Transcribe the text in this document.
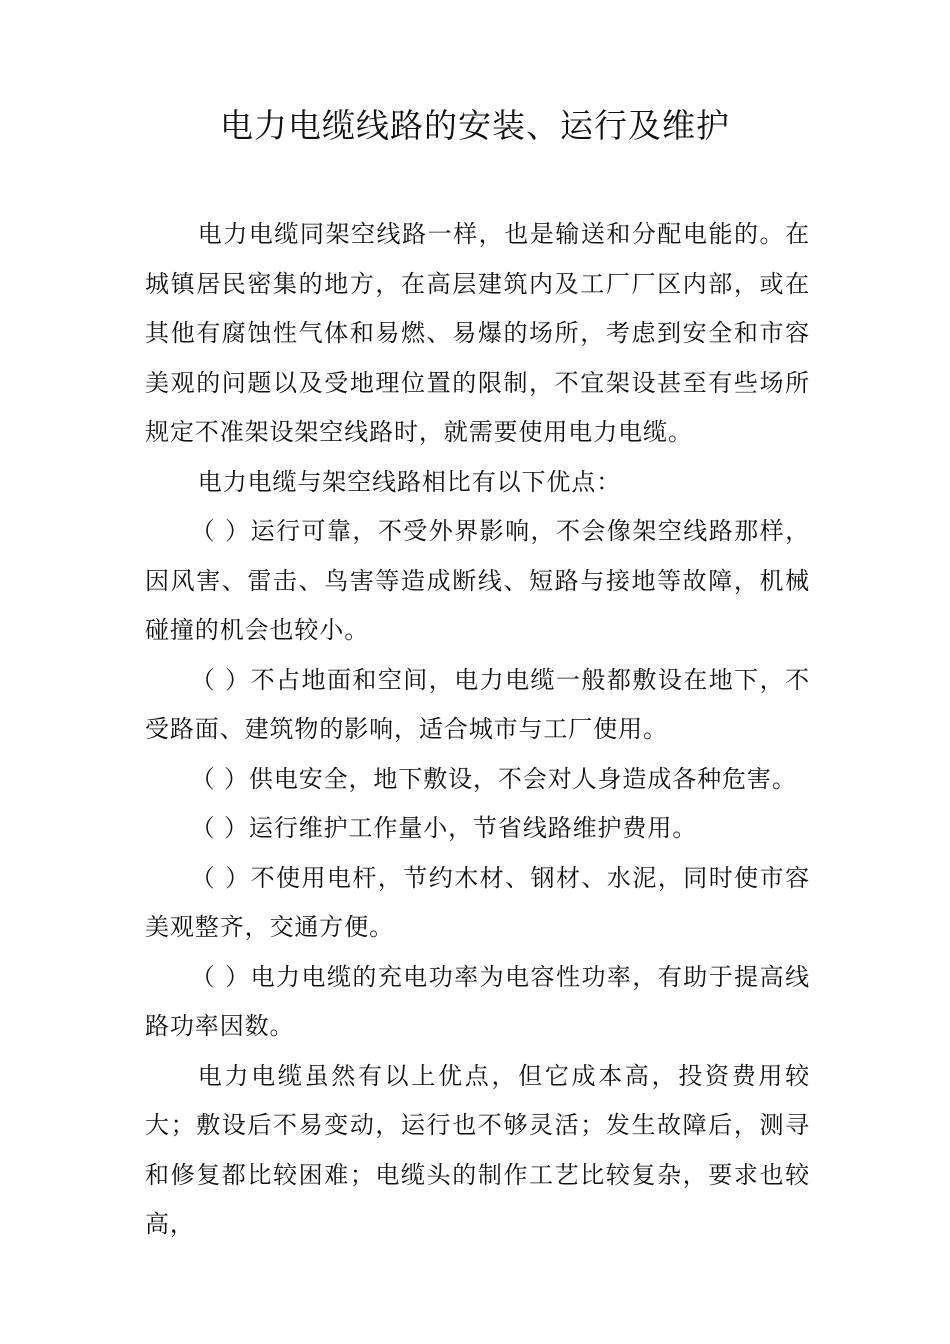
电力电缆线路的安装、运行及维护

电力电缆同架空线路一样，也是输送和分配电能的。在城镇居民密集的地方，在高层建筑内及工厂厂区内部，或在其他有腐蚀性气体和易燃、易爆的场所，考虑到安全和市容美观的问题以及受地理位置的限制，不宜架设甚至有些场所规定不准架设架空线路时，就需要使用电力电缆。

电力电缆与架空线路相比有以下优点：

（ ）运行可靠，不受外界影响，不会像架空线路那样，因风害、雷击、鸟害等造成断线、短路与接地等故障，机械碰撞的机会也较小。

（ ）不占地面和空间，电力电缆一般都敷设在地下，不受路面、建筑物的影响，适合城市与工厂使用。

（ ）供电安全，地下敷设，不会对人身造成各种危害。

（ ）运行维护工作量小，节省线路维护费用。

（ ）不使用电杆，节约木材、钢材、水泥，同时使市容美观整齐，交通方便。

（ ）电力电缆的充电功率为电容性功率，有助于提高线路功率因数。

电力电缆虽然有以上优点，但它成本高，投资费用较大；敷设后不易变动，运行也不够灵活；发生故障后，测寻和修复都比较困难；电缆头的制作工艺比较复杂，要求也较高，
